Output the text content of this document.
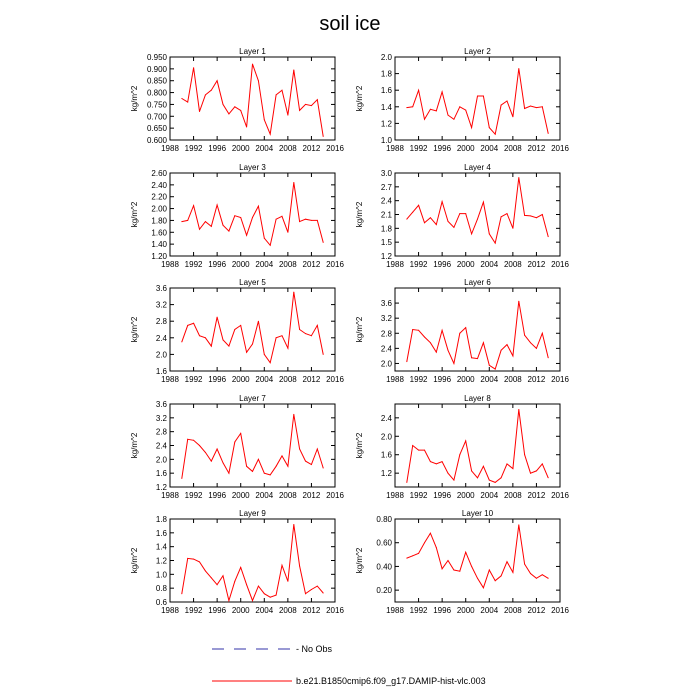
soil ice
Layer 1
kg/m^2
1988 1992 1996 2000 2004 2008 2012 2016
0.600
0.650
0.700
0.750
0.800
0.850
0.900
0.950
Layer 2
kg/m^2
1988 1992 1996 2000 2004 2008 2012 2016
1.0
1.2
1.4
1.6
1.8
2.0
Layer 3
kg/m^2
1988 1992 1996 2000 2004 2008 2012 2016
1.20
1.40
1.60
1.80
2.00
2.20
2.40
2.60
Layer 4
kg/m^2
1988 1992 1996 2000 2004 2008 2012 2016
1.2
1.5
1.8
2.1
2.4
2.7
3.0
Layer 5
kg/m^2
1988 1992 1996 2000 2004 2008 2012 2016
1.6
2.0
2.4
2.8
3.2
3.6
Layer 6
kg/m^2
1988 1992 1996 2000 2004 2008 2012 2016
2.0
2.4
2.8
3.2
3.6
Layer 7
kg/m^2
1988 1992 1996 2000 2004 2008 2012 2016
1.2
1.6
2.0
2.4
2.8
3.2
3.6
Layer 8
kg/m^2
1988 1992 1996 2000 2004 2008 2012 2016
1.2
1.6
2.0
2.4
Layer 9
kg/m^2
1988 1992 1996 2000 2004 2008 2012 2016
0.6
0.8
1.0
1.2
1.4
1.6
1.8
Layer 10
kg/m^2
1988 1992 1996 2000 2004 2008 2012 2016
0.20
0.40
0.60
0.80
- No Obs
b.e21.B1850cmip6.f09_g17.DAMIP-hist-vlc.003
